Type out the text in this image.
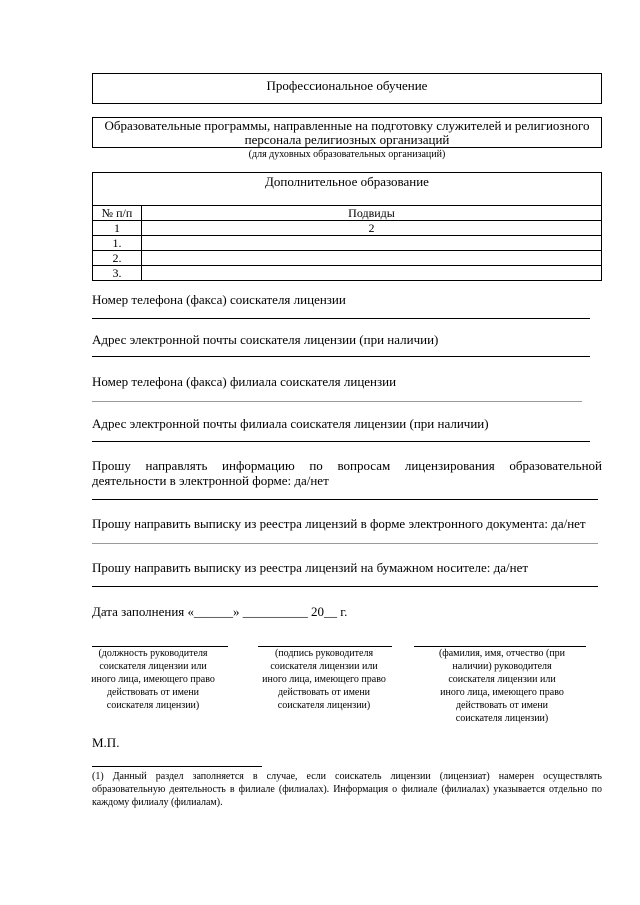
Профессиональное обучение
Образовательные программы, направленные на подготовку служителей и религиозного персонала религиозных организаций
(для духовных образовательных организаций)
Дополнительное образование	
№ п/п	Подвиды
1	2
1.	
2.	
3.	
Номер телефона (факса) соискателя лицензии
Адрес электронной почты соискателя лицензии (при наличии)
Номер телефона (факса) филиала соискателя лицензии
Адрес электронной почты филиала соискателя лицензии (при наличии)
Прошу направлять информацию по вопросам лицензирования образовательной деятельности в электронной форме: да/нет
Прошу направить выписку из реестра лицензий в форме электронного документа: да/нет
Прошу направить выписку из реестра лицензий на бумажном носителе: да/нет
Дата заполнения «______» __________ 20__ г.
(должность руководителя соискателя лицензии или иного лица, имеющего право действовать от имени соискателя лицензии)
(подпись руководителя соискателя лицензии или иного лица, имеющего право действовать от имени соискателя лицензии)
(фамилия, имя, отчество (при наличии) руководителя соискателя лицензии или иного лица, имеющего право действовать от имени соискателя лицензии)
М.П.
(1) Данный раздел заполняется в случае, если соискатель лицензии (лицензиат) намерен осуществлять образовательную деятельность в филиале (филиалах). Информация о филиале (филиалах) указывается отдельно по каждому филиалу (филиалам).
